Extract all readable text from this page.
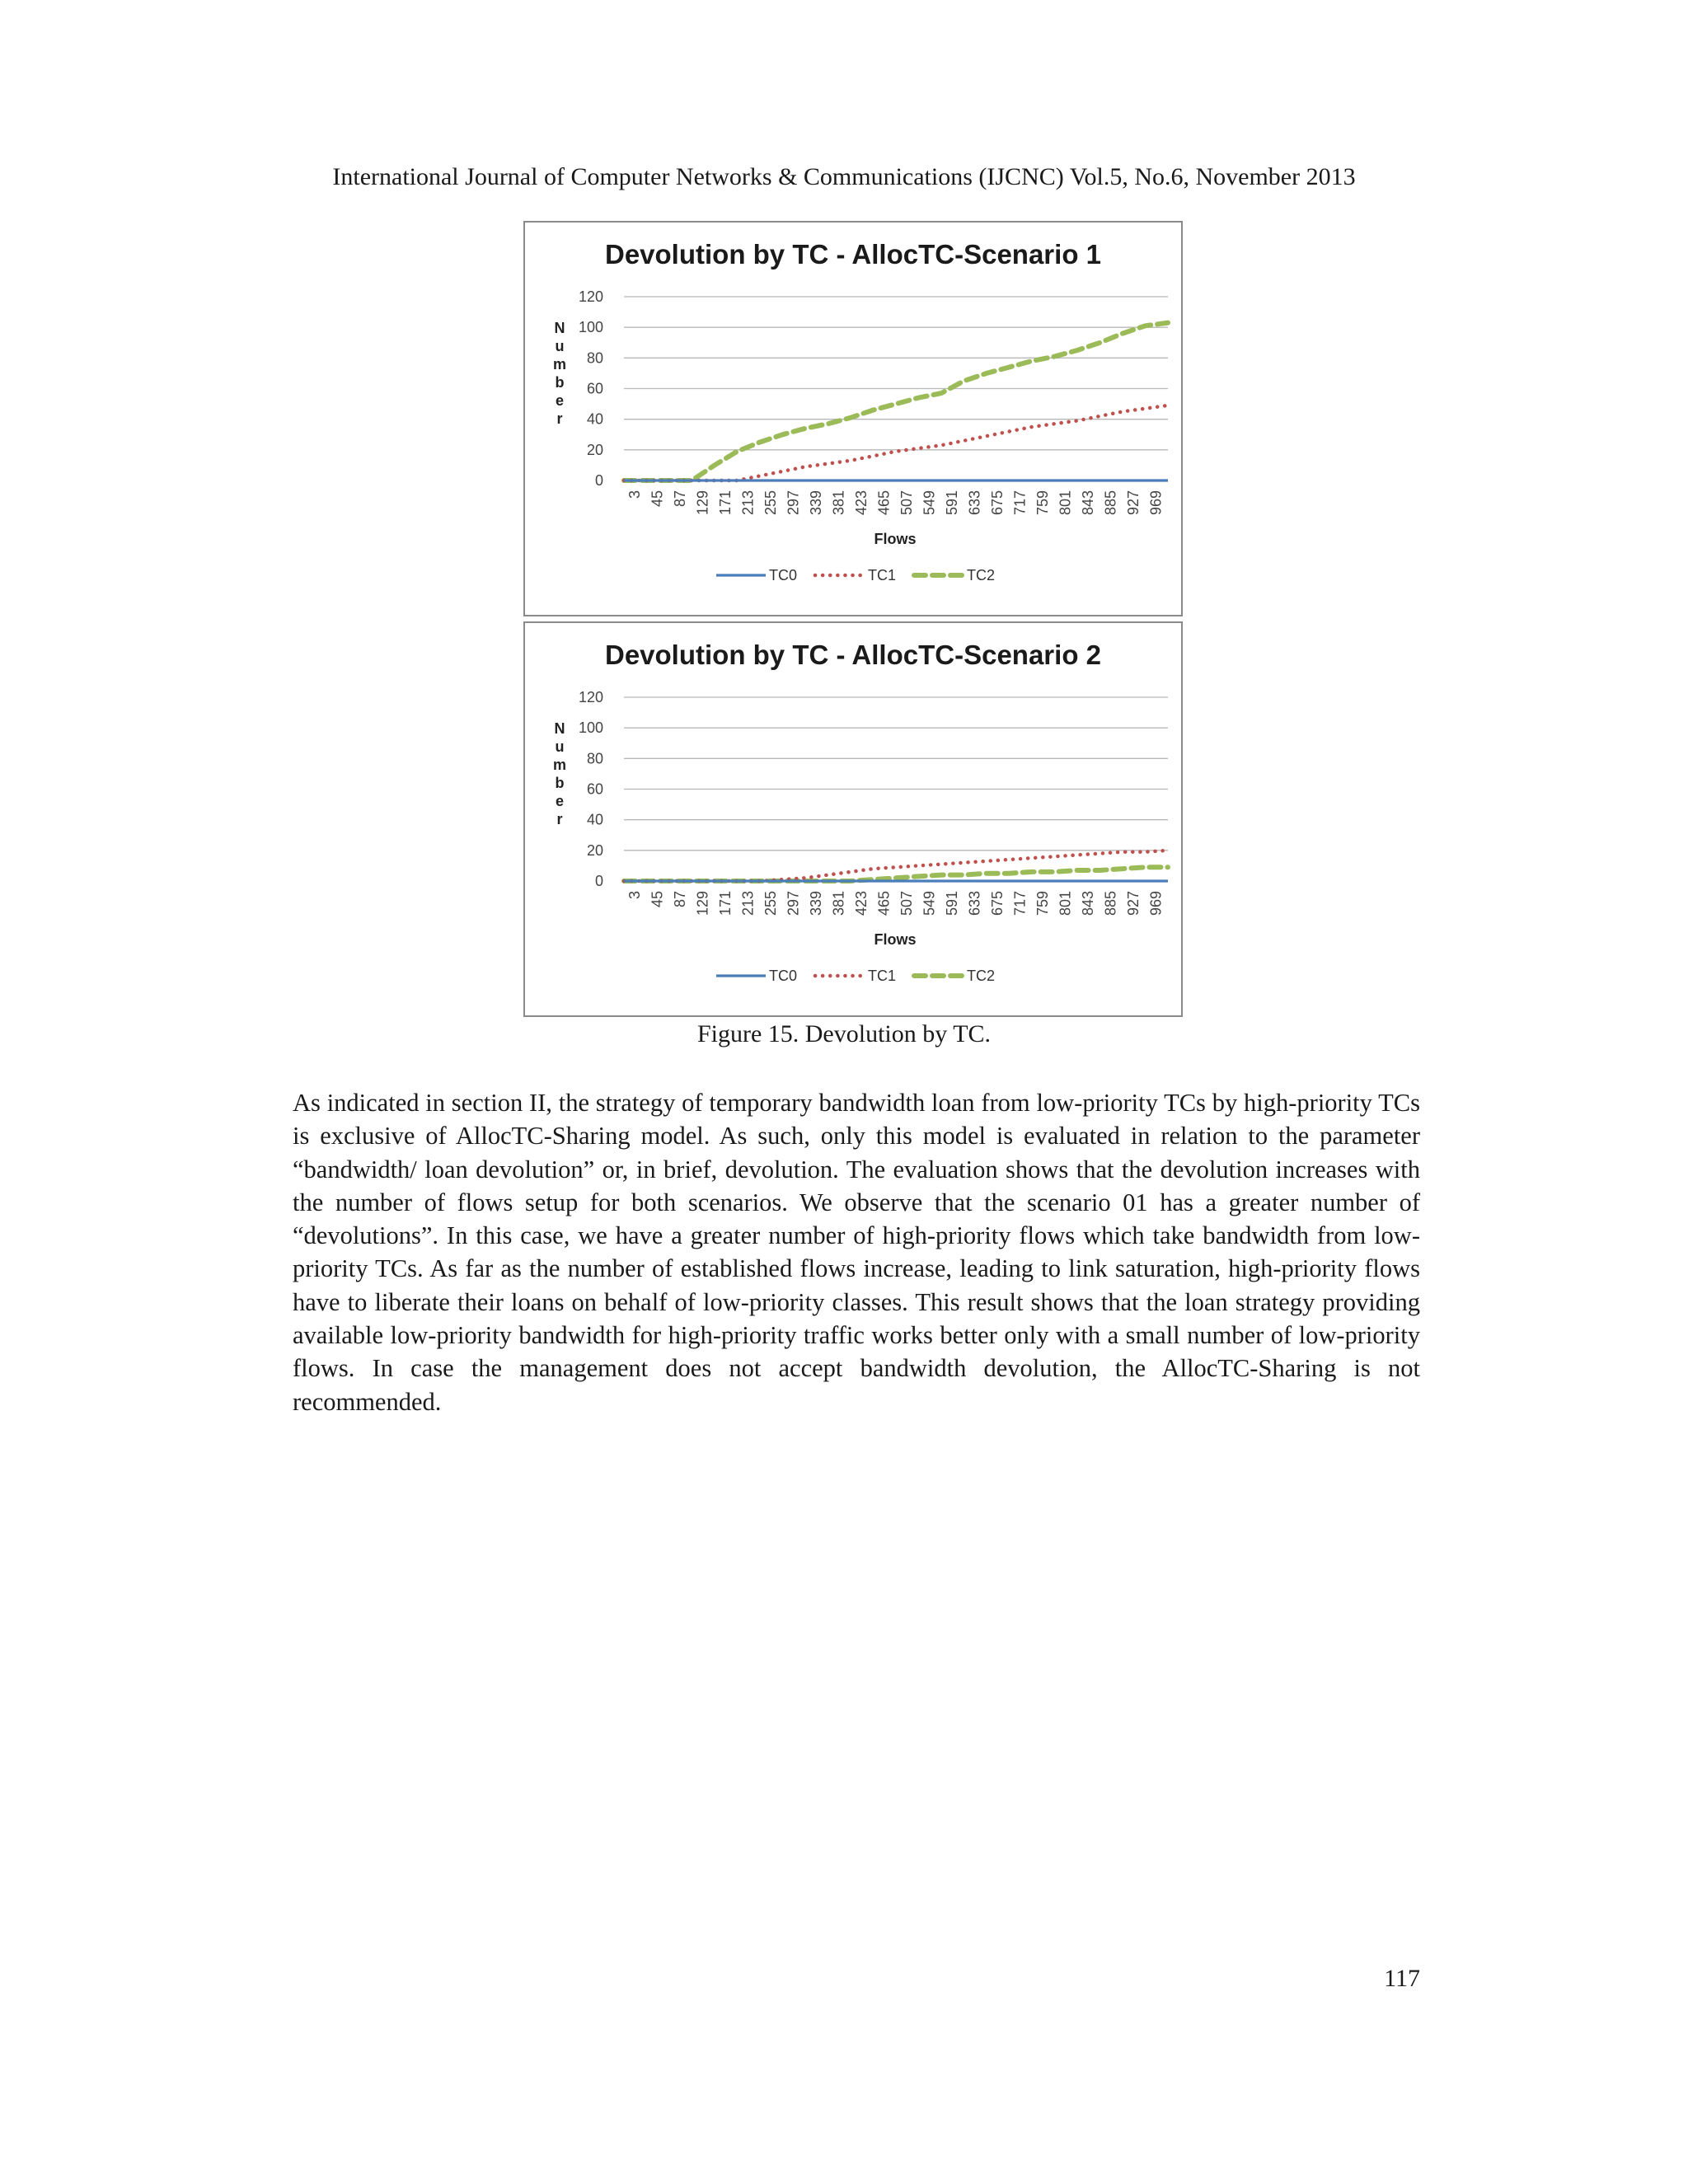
International Journal of Computer Networks & Communications (IJCNC) Vol.5, No.6, November 2013
Devolution by TC - AllocTC-Scenario 1
0
20
40
60
80
100
120
N
u
m
b
e
r
3 45 87 129 171 213 255 297 339 381 423 465 507 549 591 633 675 717 759 801 843 885 927 969
Flows
TC0	TC1	TC2
Devolution by TC - AllocTC-Scenario 2
0
20
40
60
80
100
120
N
u
m
b
e
r
3 45 87 129 171 213 255 297 339 381 423 465 507 549 591 633 675 717 759 801 843 885 927 969
Flows
TC0	TC1	TC2
Figure 15. Devolution by TC.
As indicated in section II, the strategy of temporary bandwidth loan from low-priority TCs by high-priority TCs is exclusive of AllocTC-Sharing model. As such, only this model is evaluated in relation to the parameter “bandwidth/ loan devolution” or, in brief, devolution. The evaluation shows that the devolution increases with the number of flows setup for both scenarios. We observe that the scenario 01 has a greater number of “devolutions”. In this case, we have a greater number of high-priority flows which take bandwidth from low-priority TCs. As far as the number of established flows increase, leading to link saturation, high-priority flows have to liberate their loans on behalf of low-priority classes. This result shows that the loan strategy providing available low-priority bandwidth for high-priority traffic works better only with a small number of low-priority flows. In case the management does not accept bandwidth devolution, the AllocTC-Sharing is not recommended.
117
